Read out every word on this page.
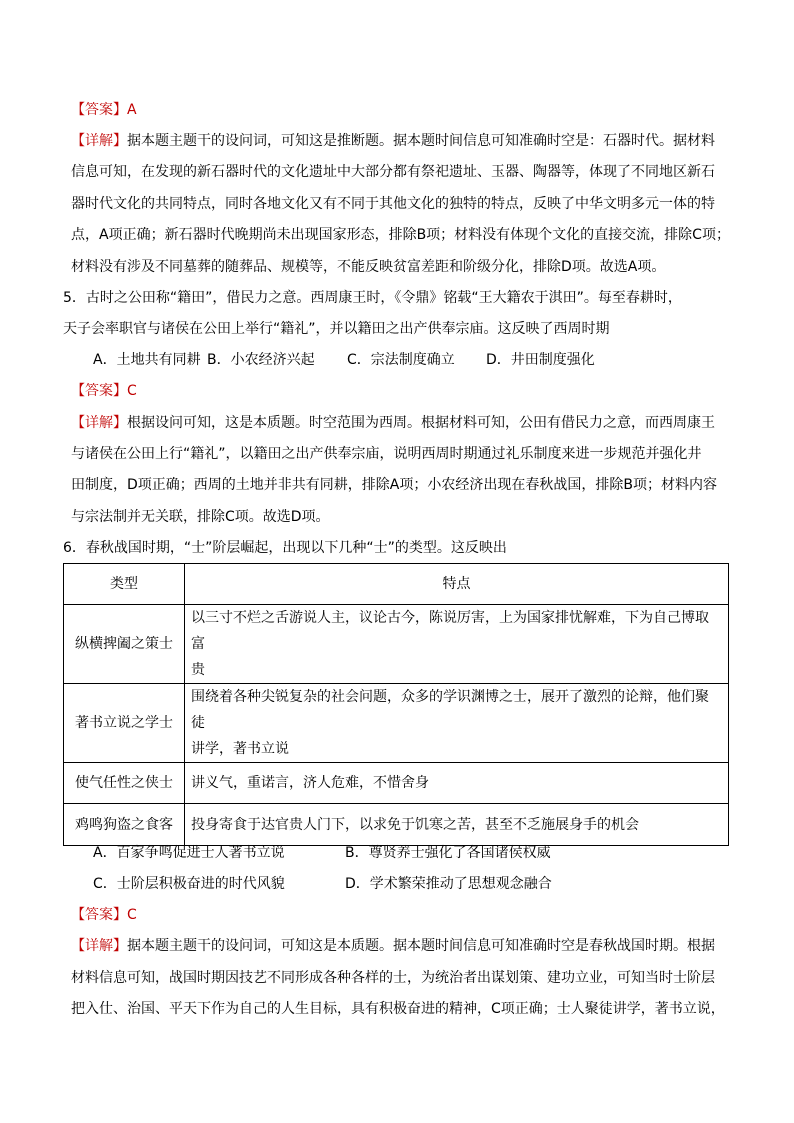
【答案】A
【详解】据本题主题干的设问词，可知这是推断题。据本题时间信息可知准确时空是：石器时代。据材料
信息可知，在发现的新石器时代的文化遗址中大部分都有祭祀遗址、玉器、陶器等，体现了不同地区新石
器时代文化的共同特点，同时各地文化又有不同于其他文化的独特的特点，反映了中华文明多元一体的特
点，A项正确；新石器时代晚期尚未出现国家形态，排除B项；材料没有体现个文化的直接交流，排除C项；
材料没有涉及不同墓葬的随葬品、规模等，不能反映贫富差距和阶级分化，排除D项。故选A项。
5．古时之公田称“籍田”，借民力之意。西周康王时，《令鼎》铭载“王大籍农于淇田”。每至春耕时，
天子会率职官与诸侯在公田上举行“籍礼”，并以籍田之出产供奉宗庙。这反映了西周时期
A．土地共有同耕 B．小农经济兴起 C．宗法制度确立 D．井田制度强化
【答案】C
【详解】根据设问可知，这是本质题。时空范围为西周。根据材料可知，公田有借民力之意，而西周康王
与诸侯在公田上行“籍礼”，以籍田之出产供奉宗庙，说明西周时期通过礼乐制度来进一步规范并强化井
田制度，D项正确；西周的土地并非共有同耕，排除A项；小农经济出现在春秋战国，排除B项；材料内容
与宗法制并无关联，排除C项。故选D项。
6．春秋战国时期，“士”阶层崛起，出现以下几种“士”的类型。这反映出
类型	特点
纵横捭阖之策士	以三寸不烂之舌游说人主，议论古今，陈说厉害，上为国家排忧解难，下为自己博取富
贵

著书立说之学士	围绕着各种尖锐复杂的社会问题，众多的学识渊博之士，展开了激烈的论辩，他们聚徒
讲学，著书立说

使气任性之侠士	讲义气，重诺言，济人危难，不惜舍身
鸡鸣狗盗之食客	投身寄食于达官贵人门下，以求免于饥寒之苦，甚至不乏施展身手的机会
A．百家争鸣促进士人著书立说	B．尊贤养士强化了各国诸侯权威
C．士阶层积极奋进的时代风貌	D．学术繁荣推动了思想观念融合
【答案】C
【详解】据本题主题干的设问词，可知这是本质题。据本题时间信息可知准确时空是春秋战国时期。根据
材料信息可知，战国时期因技艺不同形成各种各样的士，为统治者出谋划策、建功立业，可知当时士阶层
把入仕、治国、平天下作为自己的人生目标，具有积极奋进的精神，C项正确；士人聚徒讲学，著书立说，
